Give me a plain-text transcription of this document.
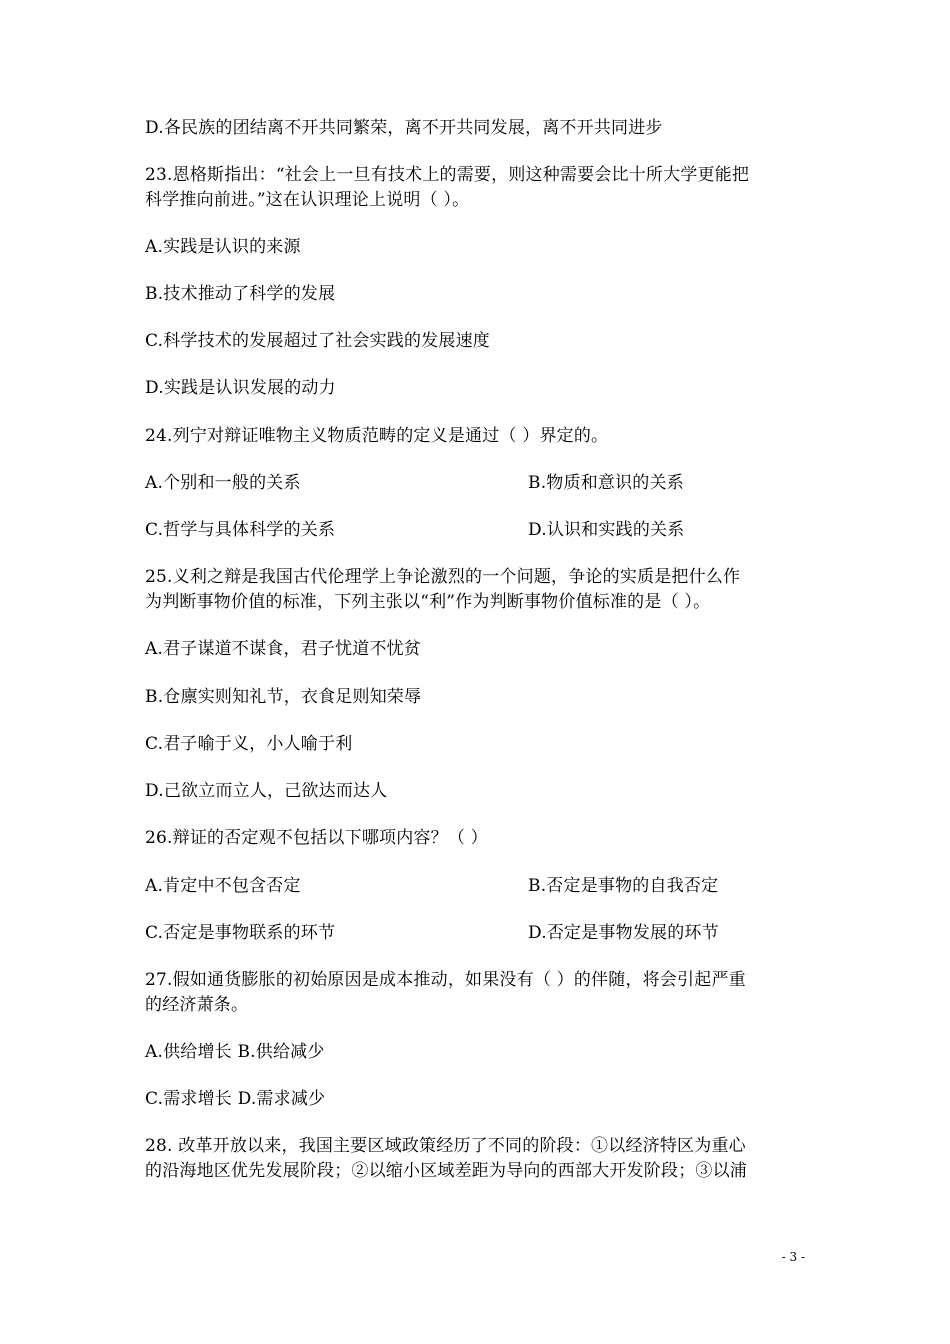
D.各民族的团结离不开共同繁荣，离不开共同发展，离不开共同进步
23.恩格斯指出：“社会上一旦有技术上的需要，则这种需要会比十所大学更能把
科学推向前进。”这在认识理论上说明（ ）。
A.实践是认识的来源
B.技术推动了科学的发展
C.科学技术的发展超过了社会实践的发展速度
D.实践是认识发展的动力
24.列宁对辩证唯物主义物质范畴的定义是通过（ ）界定的。
A.个别和一般的关系	B.物质和意识的关系
C.哲学与具体科学的关系	D.认识和实践的关系
25.义利之辩是我国古代伦理学上争论激烈的一个问题，争论的实质是把什么作
为判断事物价值的标准，下列主张以“利”作为判断事物价值标准的是（ ）。
A.君子谋道不谋食，君子忧道不忧贫
B.仓廪实则知礼节，衣食足则知荣辱
C.君子喻于义，小人喻于利
D.己欲立而立人，己欲达而达人
26.辩证的否定观不包括以下哪项内容？（ ）
A.肯定中不包含否定	B.否定是事物的自我否定
C.否定是事物联系的环节	D.否定是事物发展的环节
27.假如通货膨胀的初始原因是成本推动，如果没有（ ）的伴随，将会引起严重
的经济萧条。
A.供给增长 B.供给减少
C.需求增长 D.需求减少
28. 改革开放以来，我国主要区域政策经历了不同的阶段：①以经济特区为重心
的沿海地区优先发展阶段；②以缩小区域差距为导向的西部大开发阶段；③以浦
- 3 -
